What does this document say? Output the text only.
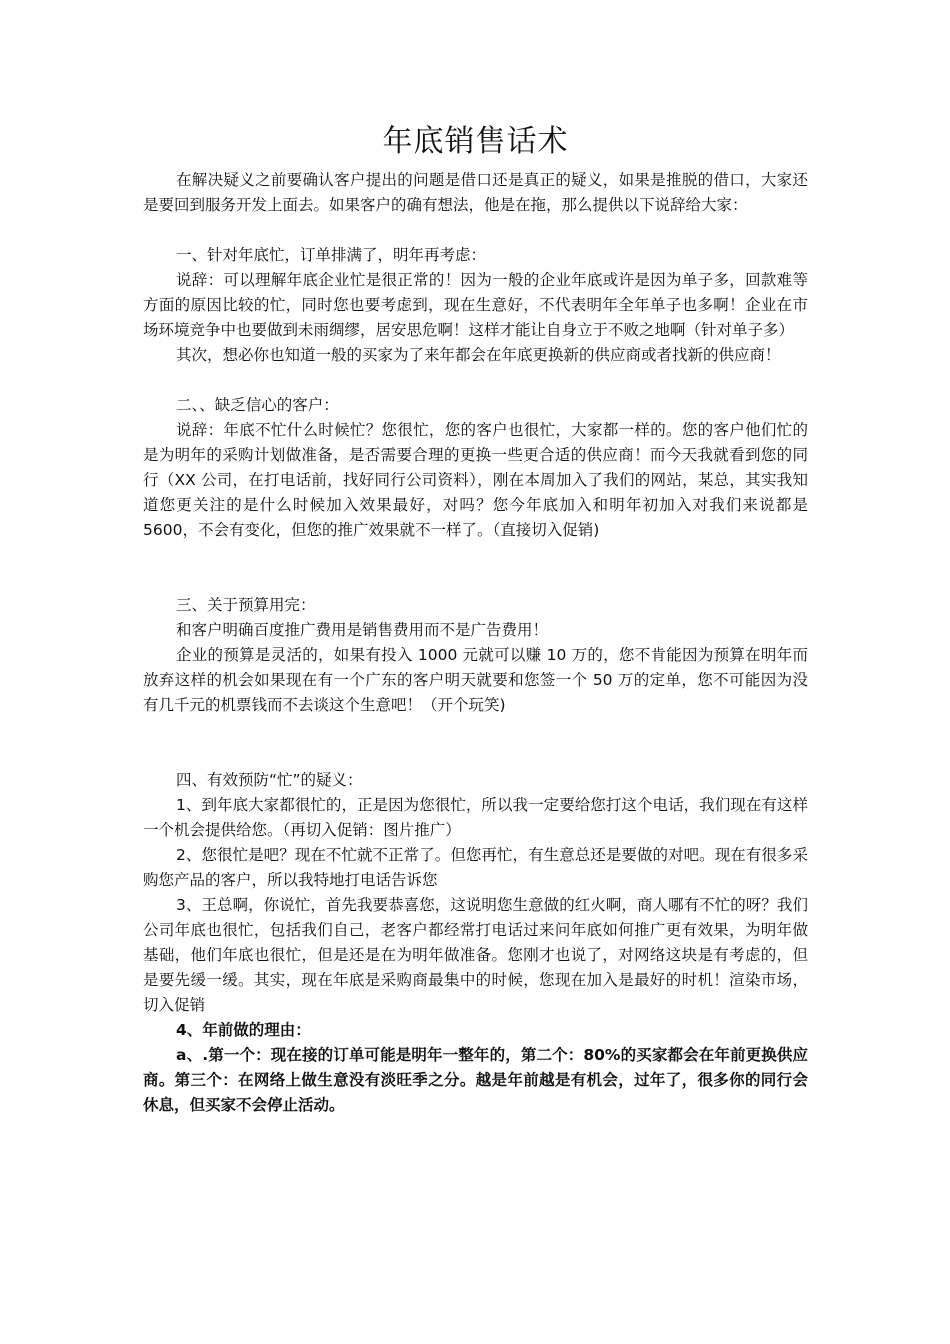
年底销售话术

在解决疑义之前要确认客户提出的问题是借口还是真正的疑义，如果是推脱的借口，大家还是要回到服务开发上面去。如果客户的确有想法，他是在拖，那么提供以下说辞给大家：

一、针对年底忙，订单排满了，明年再考虑：

说辞：可以理解年底企业忙是很正常的！因为一般的企业年底或许是因为单子多，回款难等方面的原因比较的忙，同时您也要考虑到，现在生意好，不代表明年全年单子也多啊！企业在市场环境竞争中也要做到未雨绸缪，居安思危啊！这样才能让自身立于不败之地啊（针对单子多）

其次，想必你也知道一般的买家为了来年都会在年底更换新的供应商或者找新的供应商！

二、、缺乏信心的客户：

说辞：年底不忙什么时候忙？您很忙，您的客户也很忙，大家都一样的。您的客户他们忙的是为明年的采购计划做准备，是否需要合理的更换一些更合适的供应商！而今天我就看到您的同行（XX 公司，在打电话前，找好同行公司资料），刚在本周加入了我们的网站，某总，其实我知道您更关注的是什么时候加入效果最好，对吗？您今年底加入和明年初加入对我们来说都是 5600，不会有变化，但您的推广效果就不一样了。（直接切入促销)

三、关于预算用完：

和客户明确百度推广费用是销售费用而不是广告费用！

企业的预算是灵活的，如果有投入 1000 元就可以赚 10 万的，您不肯能因为预算在明年而放弃这样的机会如果现在有一个广东的客户明天就要和您签一个 50 万的定单，您不可能因为没有几千元的机票钱而不去谈这个生意吧！（开个玩笑)

四、有效预防“忙”的疑义：

1、到年底大家都很忙的，正是因为您很忙，所以我一定要给您打这个电话，我们现在有这样一个机会提供给您。（再切入促销：图片推广）

2、您很忙是吧？现在不忙就不正常了。但您再忙，有生意总还是要做的对吧。现在有很多采购您产品的客户，所以我特地打电话告诉您

3、王总啊，你说忙，首先我要恭喜您，这说明您生意做的红火啊，商人哪有不忙的呀？我们公司年底也很忙，包括我们自己，老客户都经常打电话过来问年底如何推广更有效果，为明年做基础，他们年底也很忙，但是还是在为明年做准备。您刚才也说了，对网络这块是有考虑的，但是要先缓一缓。其实，现在年底是采购商最集中的时候，您现在加入是最好的时机！渲染市场，切入促销

4、年前做的理由：

a、.第一个：现在接的订单可能是明年一整年的，第二个：80%的买家都会在年前更换供应商。第三个：在网络上做生意没有淡旺季之分。越是年前越是有机会，过年了，很多你的同行会休息，但买家不会停止活动。
